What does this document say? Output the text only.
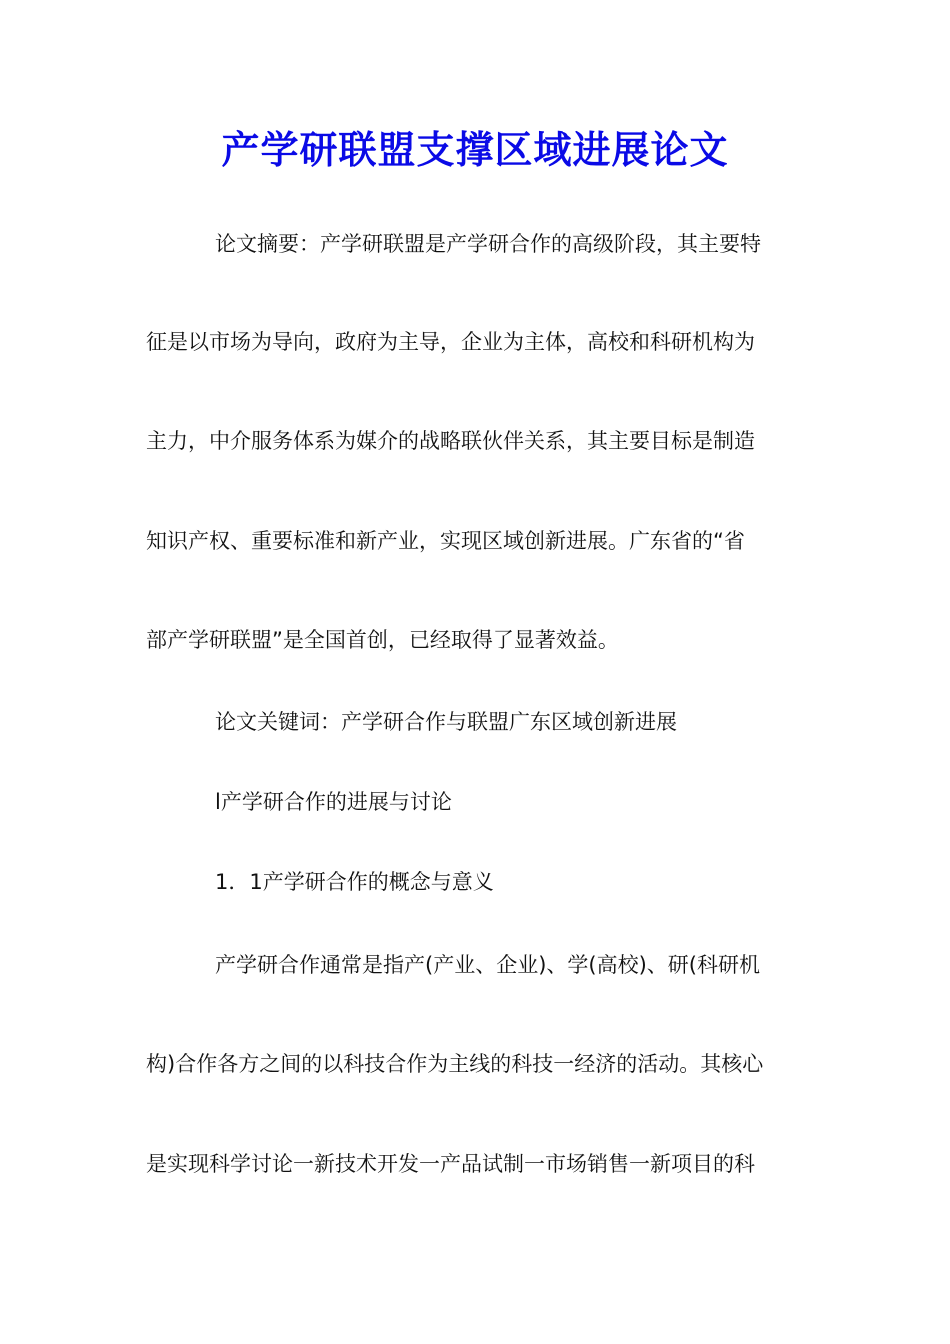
产学研联盟支撑区域进展论文
论文摘要：产学研联盟是产学研合作的高级阶段，其主要特
征是以市场为导向，政府为主导，企业为主体，高校和科研机构为
主力，中介服务体系为媒介的战略联伙伴关系，其主要目标是制造
知识产权、重要标准和新产业，实现区域创新进展。广东省的“省
部产学研联盟”是全国首创，已经取得了显著效益。
论文关键词：产学研合作与联盟广东区域创新进展
l产学研合作的进展与讨论
1．1产学研合作的概念与意义
产学研合作通常是指产(产业、企业)、学(高校)、研(科研机
构)合作各方之间的以科技合作为主线的科技一经济的活动。其核心
是实现科学讨论一新技术开发一产品试制一市场销售一新项目的科
